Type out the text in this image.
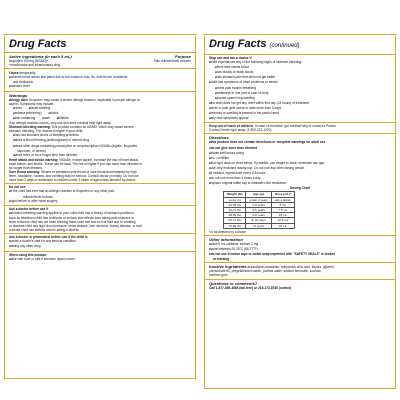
Drug Facts
Active ingredients (in each 5 mL)	Purpose
Ibuprofen 100 mg (NSAID)*	Pain reliever/fever reducer
*nonsteroidal anti-inflammatory drug
Uses temporarily:
■ relieves minor aches and pains due to the common cold, flu, sore throat, headache
and toothache
■ reduces fever
Warnings
Allergy alert: Ibuprofen may cause a severe allergic reaction, especially in people allergic to
aspirin. Symptoms may include:
■ hives	■ facial swelling
■ asthma (wheezing)	■ shock
■ skin reddening	■ rash	■ blisters
If an allergic reaction occurs, stop use and seek medical help right away.
Stomach bleeding warning: This product contains an NSAID, which may cause severe
stomach bleeding. The chance is higher if your child:
■ has had stomach ulcers or bleeding problems
■ takes a blood thinning (anticoagulant) or steroid drug
■ takes other drugs containing prescription or nonprescription NSAIDs (aspirin, ibuprofen,
naproxen, or others)
■ takes more or for a longer time than directed
Heart attack and stroke warning: NSAIDs, except aspirin, increase the risk of heart attack,
heart failure, and stroke. These can be fatal. The risk is higher if you use more than directed or
for longer than directed.
Sore throat warning: Severe or persistent sore throat or sore throat accompanied by high
fever, headache, nausea, and vomiting may be serious. Consult doctor promptly. Do not use
more than 2 days or administer to children under 3 years of age unless directed by doctor.
Do not use
■ if the child has ever had an allergic reaction to ibuprofen or any other pain
reliever/fever reducer
■ right before or after heart surgery
Ask a doctor before use if
■ stomach bleeding warning applies to your child child has a history of stomach problems,
such as heartburn child has problems or serious side effects from taking pain relievers or
fever reducers child has not been drinking fluids child has lost a lot of fluid due to vomiting
or diarrhea child has high blood pressure, heart disease, liver cirrhosis, kidney disease, or had
a stroke child has asthma child is taking a diuretic
Ask a doctor or pharmacist before use if the child is
■ under a doctor's care for any serious condition
■ taking any other drug
When using this product
■ take with food or milk if stomach upset occurs
Drug Facts (continued)
Stop use and ask a doctor if
■ child experiences any of the following signs of stomach bleeding:
■ feels faint vomits blood
■ has bloody or black stools
■ has stomach pain that does not get better
■ child has symptoms of heart problems or stroke:
■ chest pain trouble breathing
■ weakness in one part or side of body
■ slurred speech leg swelling
■ the child does not get any relief within first day (24 hours) of treatment
■ fever or pain gets worse or lasts more than 3 days
■ redness or swelling is present in the painful area
■ any new symptoms appear
Keep out of reach of children. In case of overdose, get medical help or contact a Poison
Control Center right away. (1-800-222-1222)
Directions
■ this product does not contain directions or complete warnings for adult use
■ do not give more than directed
■ shake well before using
■ mL = milliliter
■ find right dose on chart below. If possible, use weight to dose; otherwise use age.
■ use only enclosed dosing cup. Do not use any other dosing device.
■ if needed, repeat dose every 6-8 hours
■ do not use more than 4 times a day
■ replace original bottle cap to maintain child resistance
Dosing Chart
Weight (lb)	Age (yr)	Dose (mL)*
under 24	under 2 years	ask a doctor
24-35 lbs	2-3 years	5 mL
36-47 lbs	4-5 years	7.5 mL
48-59 lbs	6-8 years	10 mL
60-71 lbs	9-10 years	12.5 mL
72-95 lbs	11 years	15 mL
*or as directed by a doctor
Other information
■ each 5 mL contains: sodium 2 mg
■ store between 20-25°C (68-77°F)
■ do not use if carton tape or bottle wrap imprinted with "SAFETY SEALS" is broken
or missing
Inactive ingredients acesulfame potassium, anhydrous citric acid, flavors, glycerin,
polysorbate 80, pregelatinized starch, purified water, sodium benzoate, sucrose,
xanthan gum
Questions or comments?
Call 1-877-895-3665 (toll-free) or 215-273-8755 (collect)
